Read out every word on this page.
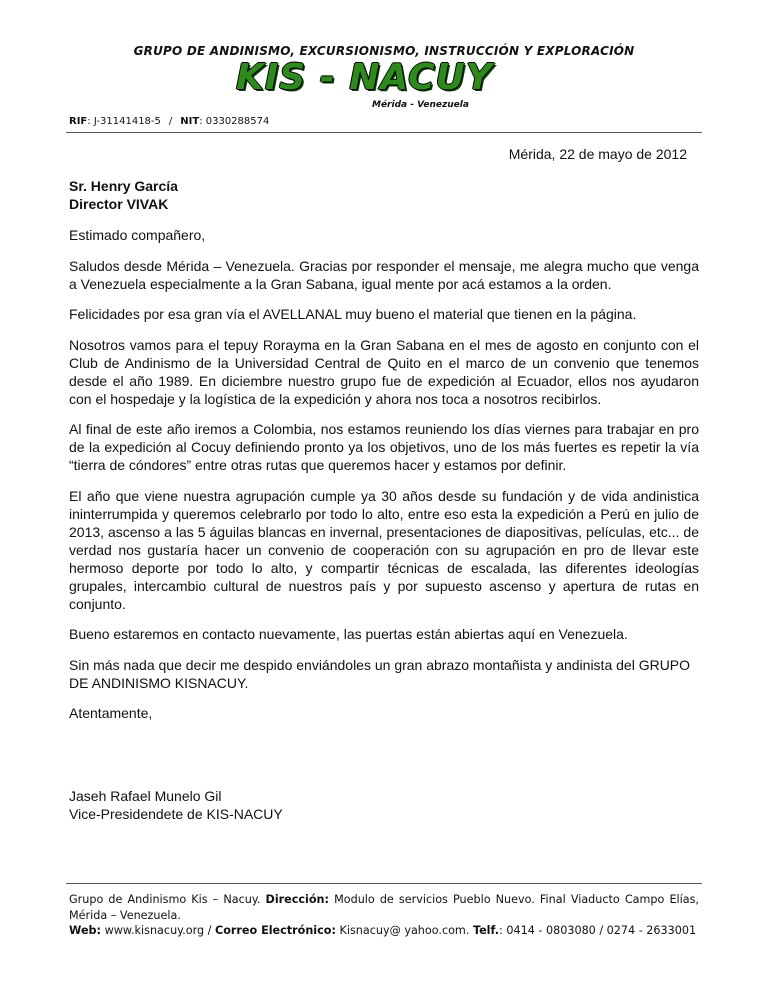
GRUPO DE ANDINISMO, EXCURSIONISMO, INSTRUCCIÓN Y EXPLORACIÓN
KIS - NACUY
Mérida - Venezuela
RIF: J-31141418-5 / NIT: 0330288574
Mérida, 22 de mayo de 2012
Sr. Henry García
Director VIVAK

Estimado compañero,

Saludos desde Mérida – Venezuela. Gracias por responder el mensaje, me alegra mucho que venga a Venezuela especialmente a la Gran Sabana, igual mente por acá estamos a la orden.

Felicidades por esa gran vía el AVELLANAL muy bueno el material que tienen en la página.

Nosotros vamos para el tepuy Rorayma en la Gran Sabana en el mes de agosto en conjunto con el Club de Andinismo de la Universidad Central de Quito en el marco de un convenio que tenemos desde el año 1989. En diciembre nuestro grupo fue de expedición al Ecuador, ellos nos ayudaron con el hospedaje y la logística de la expedición y ahora nos toca a nosotros recibirlos.

Al final de este año iremos a Colombia, nos estamos reuniendo los días viernes para trabajar en pro de la expedición al Cocuy definiendo pronto ya los objetivos, uno de los más fuertes es repetir la vía “tierra de cóndores” entre otras rutas que queremos hacer y estamos por definir.

El año que viene nuestra agrupación cumple ya 30 años desde su fundación y de vida andinistica ininterrumpida y queremos celebrarlo por todo lo alto, entre eso esta la expedición a Perú en julio de 2013, ascenso a las 5 águilas blancas en invernal, presentaciones de diapositivas, películas, etc... de verdad nos gustaría hacer un convenio de cooperación con su agrupación en pro de llevar este hermoso deporte por todo lo alto, y compartir técnicas de escalada, las diferentes ideologías grupales, intercambio cultural de nuestros país y por supuesto ascenso y apertura de rutas en conjunto.

Bueno estaremos en contacto nuevamente, las puertas están abiertas aquí en Venezuela.

Sin más nada que decir me despido enviándoles un gran abrazo montañista y andinista del GRUPO DE ANDINISMO KISNACUY.

Atentamente,

Jaseh Rafael Munelo Gil
Vice-Presidendete de KIS-NACUY
Grupo de Andinismo Kis – Nacuy. Dirección: Modulo de servicios Pueblo Nuevo. Final Viaducto Campo Elías, Mérida – Venezuela.
Web: www.kisnacuy.org / Correo Electrónico: Kisnacuy@ yahoo.com. Telf.: 0414 - 0803080 / 0274 - 2633001
